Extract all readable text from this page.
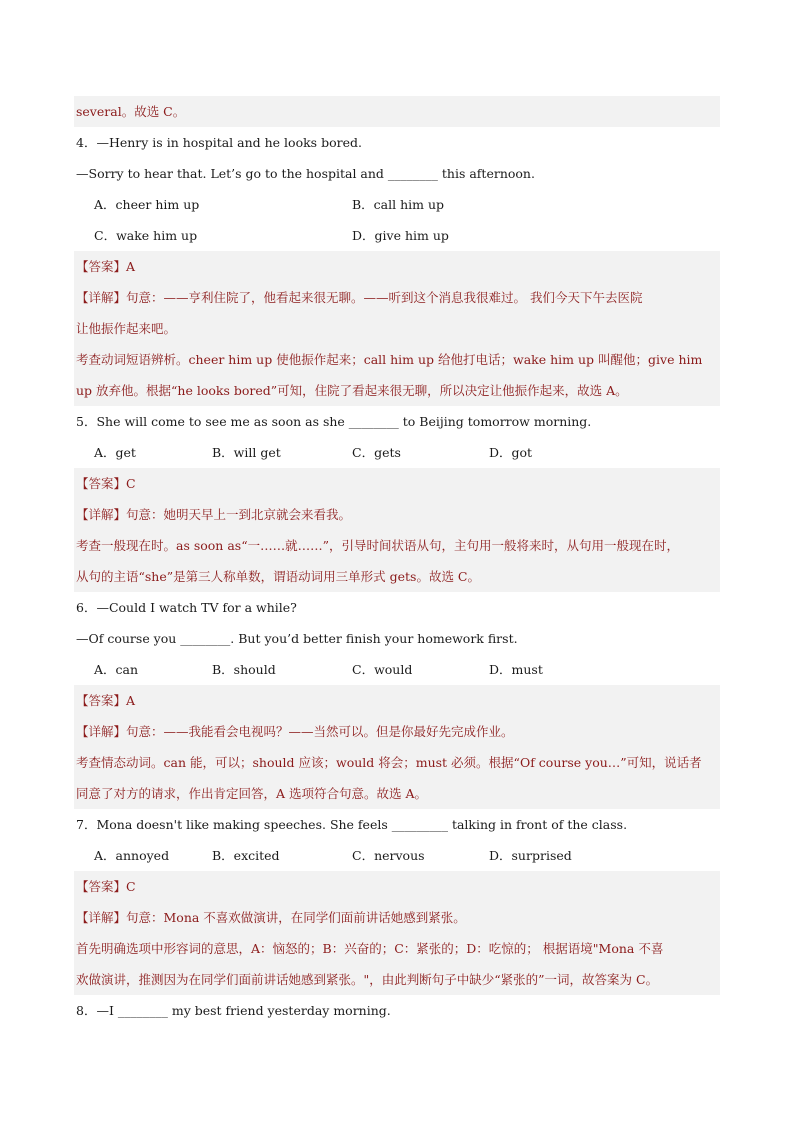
several。故选 C。
4．—Henry is in hospital and he looks bored.
—Sorry to hear that. Let’s go to the hospital and ________ this afternoon.
A．cheer him up	B．call him up
C．wake him up	D．give him up
【答案】A
【详解】句意：——亨利住院了，他看起来很无聊。——听到这个消息我很难过。 我们今天下午去医院
让他振作起来吧。
考查动词短语辨析。cheer him up 使他振作起来；call him up 给他打电话；wake him up 叫醒他；give him
up 放弃他。根据“he looks bored”可知，住院了看起来很无聊，所以决定让他振作起来，故选 A。
5．She will come to see me as soon as she ________ to Beijing tomorrow morning.
A．get	B．will get	C．gets	D．got
【答案】C
【详解】句意：她明天早上一到北京就会来看我。
考查一般现在时。as soon as“一……就……”，引导时间状语从句，主句用一般将来时，从句用一般现在时，
从句的主语“she”是第三人称单数，谓语动词用三单形式 gets。故选 C。
6．—Could I watch TV for a while?
—Of course you ________. But you’d better finish your homework first.
A．can	B．should	C．would	D．must
【答案】A
【详解】句意：——我能看会电视吗？——当然可以。但是你最好先完成作业。
考查情态动词。can 能，可以；should 应该；would 将会；must 必须。根据“Of course you…”可知，说话者
同意了对方的请求，作出肯定回答，A 选项符合句意。故选 A。
7．Mona doesn't like making speeches. She feels _________ talking in front of the class.
A．annoyed	B．excited	C．nervous	D．surprised
【答案】C
【详解】句意：Mona 不喜欢做演讲，在同学们面前讲话她感到紧张。
首先明确选项中形容词的意思，A：恼怒的；B：兴奋的；C：紧张的；D：吃惊的； 根据语境"Mona 不喜
欢做演讲，推测因为在同学们面前讲话她感到紧张。"，由此判断句子中缺少“紧张的”一词，故答案为 C。
8．—I ________ my best friend yesterday morning.
